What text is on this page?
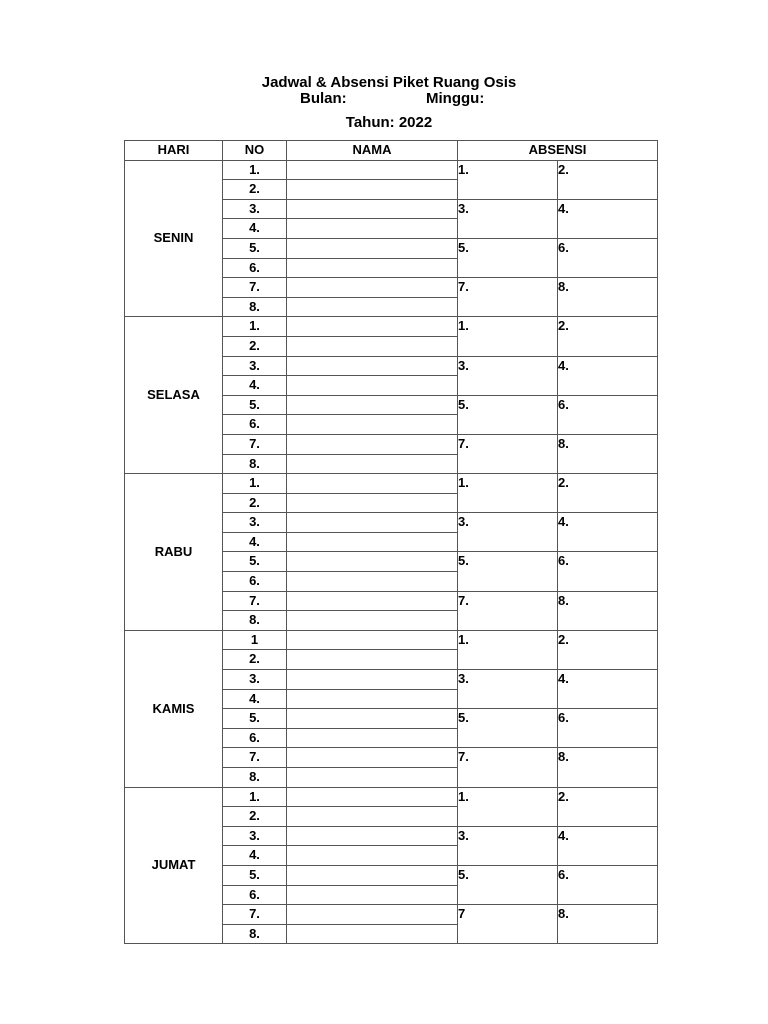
Jadwal & Absensi Piket Ruang Osis
Bulan:	Minggu:
Tahun: 2022
HARI	NO	NAMA	ABSENSI	
SENIN	1.		1.	2.
	2.			
	3.		3.	4.
	4.			
	5.		5.	6.
	6.			
	7.		7.	8.
	8.			
SELASA	1.		1.	2.
	2.			
	3.		3.	4.
	4.			
	5.		5.	6.
	6.			
	7.		7.	8.
	8.			
RABU	1.		1.	2.
	2.			
	3.		3.	4.
	4.			
	5.		5.	6.
	6.			
	7.		7.	8.
	8.			
KAMIS	1		1.	2.
	2.			
	3.		3.	4.
	4.			
	5.		5.	6.
	6.			
	7.		7.	8.
	8.			
JUMAT	1.		1.	2.
	2.			
	3.		3.	4.
	4.			
	5.		5.	6.
	6.			
	7.		7	8.
	8.			
